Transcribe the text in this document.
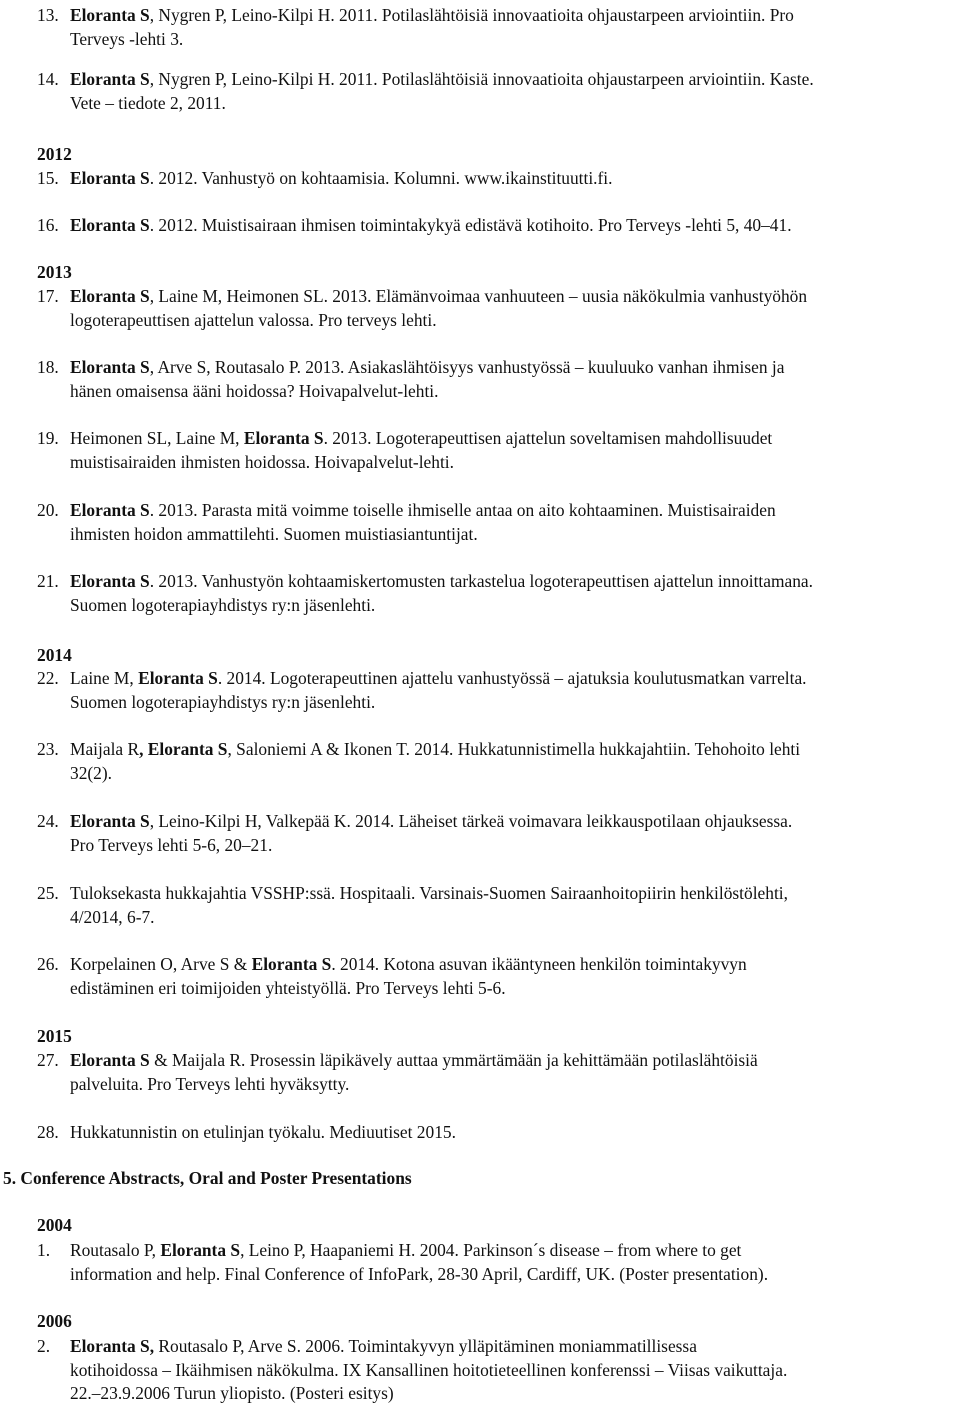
13. Eloranta S, Nygren P, Leino-Kilpi H. 2011. Potilaslähtöisiä innovaatioita ohjaustarpeen arviointiin. Pro
Terveys -lehti 3.
14. Eloranta S, Nygren P, Leino-Kilpi H. 2011. Potilaslähtöisiä innovaatioita ohjaustarpeen arviointiin. Kaste.
Vete – tiedote 2, 2011.
2012
15. Eloranta S. 2012. Vanhustyö on kohtaamisia. Kolumni. www.ikainstituutti.fi.
16. Eloranta S. 2012. Muistisairaan ihmisen toimintakykyä edistävä kotihoito. Pro Terveys -lehti 5, 40–41.
2013
17. Eloranta S, Laine M, Heimonen SL. 2013. Elämänvoimaa vanhuuteen – uusia näkökulmia vanhustyöhön
logoterapeuttisen ajattelun valossa. Pro terveys lehti.
18. Eloranta S, Arve S, Routasalo P. 2013. Asiakaslähtöisyys vanhustyössä – kuuluuko vanhan ihmisen ja
hänen omaisensa ääni hoidossa? Hoivapalvelut-lehti.
19. Heimonen SL, Laine M, Eloranta S. 2013. Logoterapeuttisen ajattelun soveltamisen mahdollisuudet
muistisairaiden ihmisten hoidossa. Hoivapalvelut-lehti.
20. Eloranta S. 2013. Parasta mitä voimme toiselle ihmiselle antaa on aito kohtaaminen. Muistisairaiden
ihmisten hoidon ammattilehti. Suomen muistiasiantuntijat.
21. Eloranta S. 2013. Vanhustyön kohtaamiskertomusten tarkastelua logoterapeuttisen ajattelun innoittamana.
Suomen logoterapiayhdistys ry:n jäsenlehti.
2014
22. Laine M, Eloranta S. 2014. Logoterapeuttinen ajattelu vanhustyössä – ajatuksia koulutusmatkan varrelta.
Suomen logoterapiayhdistys ry:n jäsenlehti.
23. Maijala R, Eloranta S, Saloniemi A & Ikonen T. 2014. Hukkatunnistimella hukkajahtiin. Tehohoito lehti
32(2).
24. Eloranta S, Leino-Kilpi H, Valkepää K. 2014. Läheiset tärkeä voimavara leikkauspotilaan ohjauksessa.
Pro Terveys lehti 5-6, 20–21.
25. Tuloksekasta hukkajahtia VSSHP:ssä. Hospitaali. Varsinais-Suomen Sairaanhoitopiirin henkilöstölehti,
4/2014, 6-7.
26. Korpelainen O, Arve S & Eloranta S. 2014. Kotona asuvan ikääntyneen henkilön toimintakyvyn
edistäminen eri toimijoiden yhteistyöllä. Pro Terveys lehti 5-6.
2015
27. Eloranta S & Maijala R. Prosessin läpikävely auttaa ymmärtämään ja kehittämään potilaslähtöisiä
palveluita. Pro Terveys lehti hyväksytty.
28. Hukkatunnistin on etulinjan työkalu. Mediuutiset 2015.
5. Conference Abstracts, Oral and Poster Presentations
2004
1. Routasalo P, Eloranta S, Leino P, Haapaniemi H. 2004. Parkinson´s disease – from where to get
information and help. Final Conference of InfoPark, 28-30 April, Cardiff, UK. (Poster presentation).
2006
2. Eloranta S, Routasalo P, Arve S. 2006. Toimintakyvyn ylläpitäminen moniammatillisessa
kotihoidossa – Ikäihmisen näkökulma. IX Kansallinen hoitotieteellinen konferenssi – Viisas vaikuttaja.
22.–23.9.2006 Turun yliopisto. (Posteri esitys)
